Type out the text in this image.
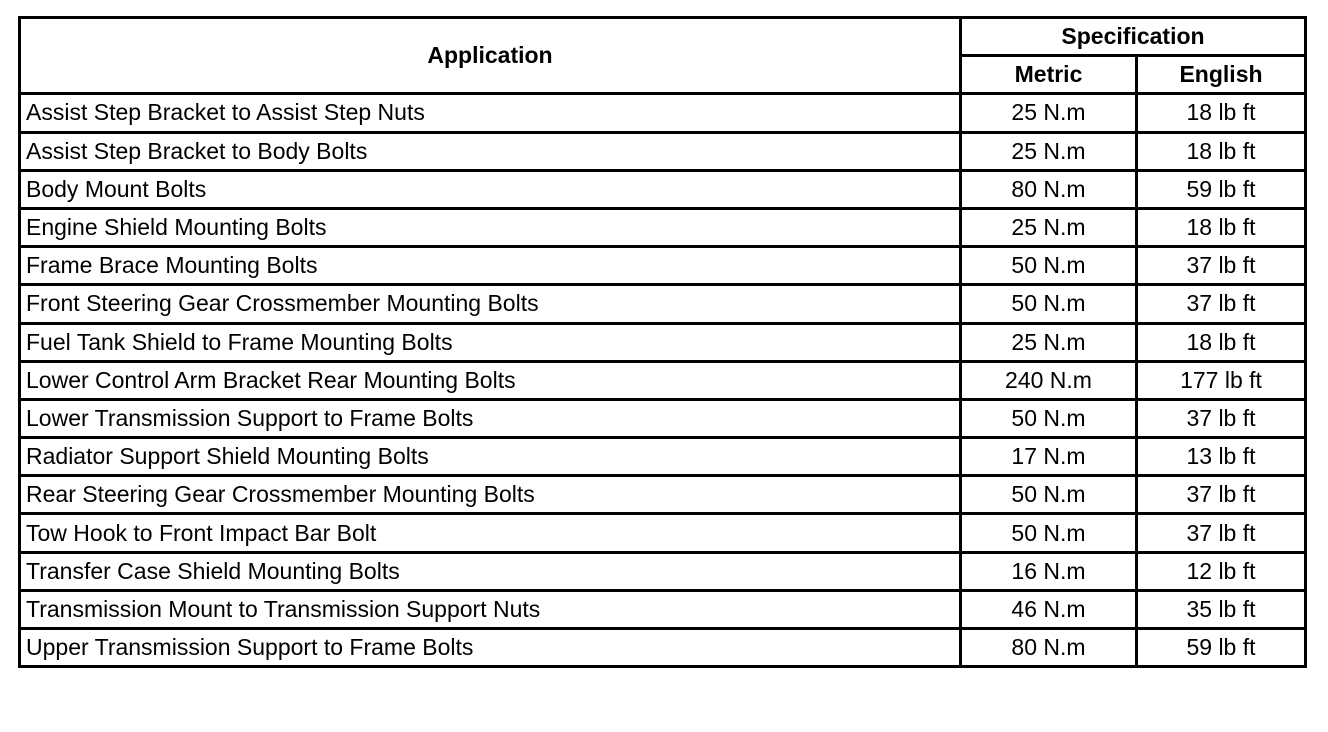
Application	Specification	
	Metric	English
Assist Step Bracket to Assist Step Nuts	25 N.m	18 lb ft
Assist Step Bracket to Body Bolts	25 N.m	18 lb ft
Body Mount Bolts	80 N.m	59 lb ft
Engine Shield Mounting Bolts	25 N.m	18 lb ft
Frame Brace Mounting Bolts	50 N.m	37 lb ft
Front Steering Gear Crossmember Mounting Bolts	50 N.m	37 lb ft
Fuel Tank Shield to Frame Mounting Bolts	25 N.m	18 lb ft
Lower Control Arm Bracket Rear Mounting Bolts	240 N.m	177 lb ft
Lower Transmission Support to Frame Bolts	50 N.m	37 lb ft
Radiator Support Shield Mounting Bolts	17 N.m	13 lb ft
Rear Steering Gear Crossmember Mounting Bolts	50 N.m	37 lb ft
Tow Hook to Front Impact Bar Bolt	50 N.m	37 lb ft
Transfer Case Shield Mounting Bolts	16 N.m	12 lb ft
Transmission Mount to Transmission Support Nuts	46 N.m	35 lb ft
Upper Transmission Support to Frame Bolts	80 N.m	59 lb ft
